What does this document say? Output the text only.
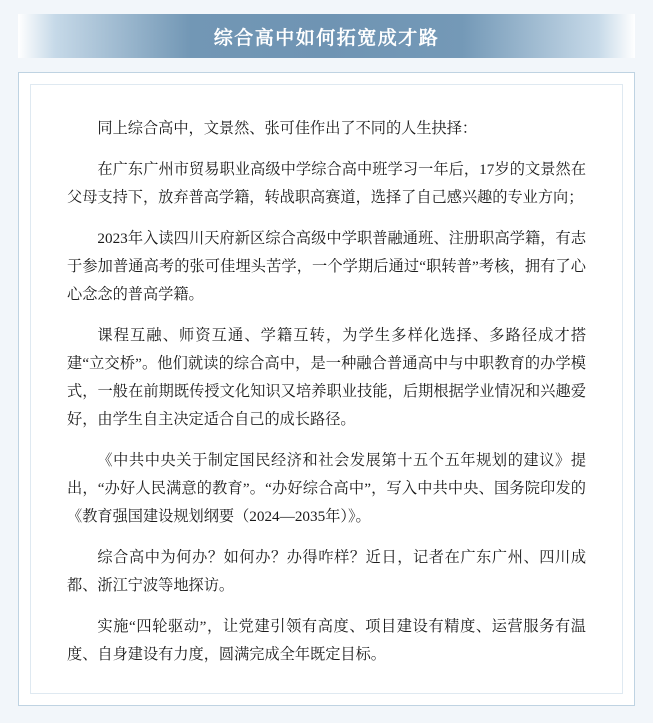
综合高中如何拓宽成才路

同上综合高中，文景然、张可佳作出了不同的人生抉择：

在广东广州市贸易职业高级中学综合高中班学习一年后，17岁的文景然在父母支持下，放弃普高学籍，转战职高赛道，选择了自己感兴趣的专业方向；

2023年入读四川天府新区综合高级中学职普融通班、注册职高学籍，有志于参加普通高考的张可佳埋头苦学，一个学期后通过“职转普”考核，拥有了心心念念的普高学籍。

课程互融、师资互通、学籍互转，为学生多样化选择、多路径成才搭建“立交桥”。他们就读的综合高中，是一种融合普通高中与中职教育的办学模式，一般在前期既传授文化知识又培养职业技能，后期根据学业情况和兴趣爱好，由学生自主决定适合自己的成长路径。

《中共中央关于制定国民经济和社会发展第十五个五年规划的建议》提出，“办好人民满意的教育”。“办好综合高中”，写入中共中央、国务院印发的《教育强国建设规划纲要（2024—2035年）》。

综合高中为何办？如何办？办得咋样？近日，记者在广东广州、四川成都、浙江宁波等地探访。

实施“四轮驱动”，让党建引领有高度、项目建设有精度、运营服务有温度、自身建设有力度，圆满完成全年既定目标。
